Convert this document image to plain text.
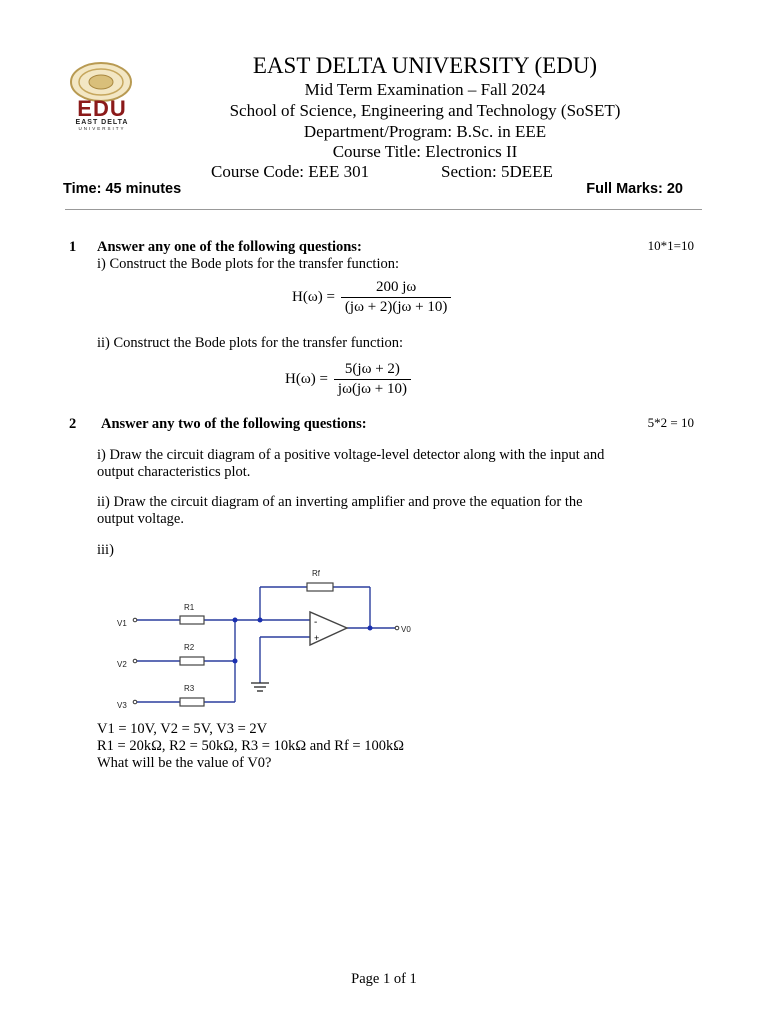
EDU
EAST DELTA
UNIVERSITY
EAST DELTA UNIVERSITY (EDU)
Mid Term Examination – Fall 2024
School of Science, Engineering and Technology (SoSET)
Department/Program: B.Sc. in EEE
Course Title: Electronics II
Course Code: EEE 301	Section: 5DEEE
Time: 45 minutes	Full Marks: 20
1 Answer any one of the following questions:	10*1=10
i) Construct the Bode plots for the transfer function:
$H(\omega) = \frac{200 j\omega}{(j\omega + 2)(j\omega + 10)}$
ii) Construct the Bode plots for the transfer function:
$H(\omega) = \frac{5(j\omega + 2)}{j\omega(j\omega + 10)}$
2 Answer any two of the following questions:	5*2 = 10
i) Draw the circuit diagram of a positive voltage-level detector along with the input and
output characteristics plot.
ii) Draw the circuit diagram of an inverting amplifier and prove the equation for the
output voltage.
iii)
-
+
R1
R2
R3
Rf
V1
V2
V3
V0
V1 = 10V, V2 = 5V, V3 = 2V
R1 = 20kΩ, R2 = 50kΩ, R3 = 10kΩ and Rf = 100kΩ
What will be the value of V0?
Page 1 of 1
